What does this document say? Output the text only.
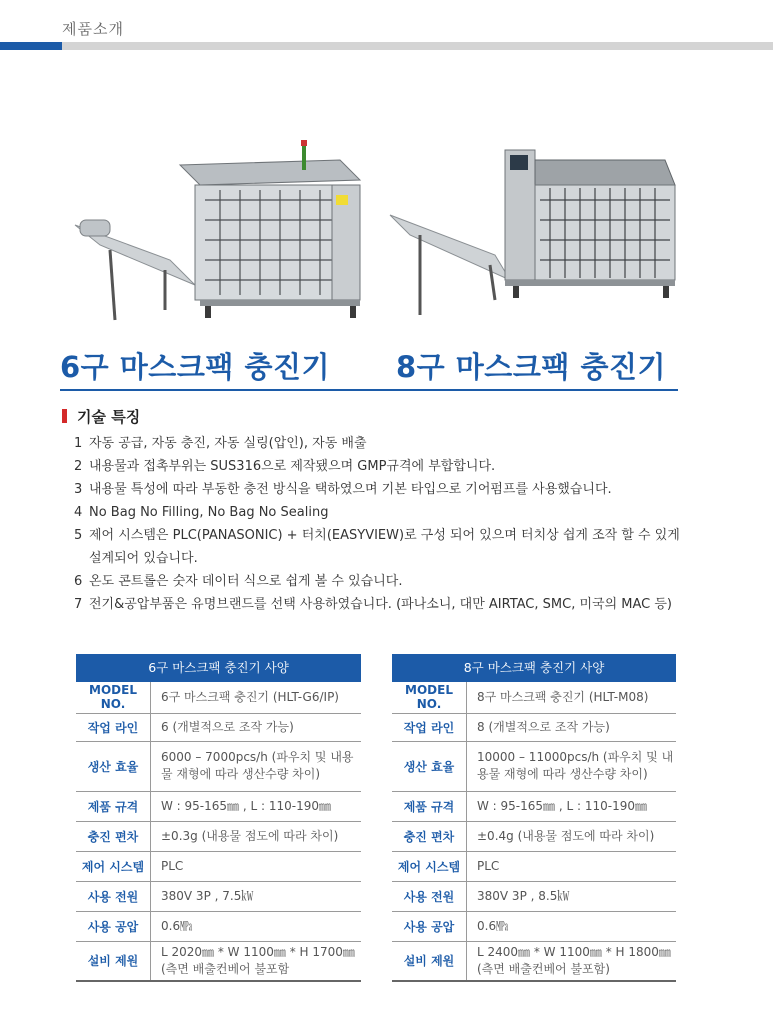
제품소개
6구 마스크팩 충진기 8구 마스크팩 충진기
기술 특징
1 자동 공급, 자동 충진, 자동 실링(압인), 자동 배출
2 내용물과 접촉부위는 SUS316으로 제작됐으며 GMP규격에 부합합니다.
3 내용물 특성에 따라 부동한 충전 방식을 택하였으며 기본 타입으로 기어펌프를 사용했습니다.
4 No Bag No Filling, No Bag No Sealing
5 제어 시스템은 PLC(PANASONIC) + 터치(EASYVIEW)로 구성 되어 있으며 터치상 쉽게 조작 할 수 있게 설계되어 있습니다.
6 온도 콘트롤은 숫자 데이터 식으로 쉽게 볼 수 있습니다.
7 전기&공압부품은 유명브랜드를 선택 사용하였습니다. (파나소니, 대만 AIRTAC, SMC, 미국의 MAC 등)
6구 마스크팩 충진기 사양	
MODEL NO.	6구 마스크팩 충진기 (HLT-G6/IP)
작업 라인	6 (개별적으로 조작 가능)
생산 효율	6000 – 7000pcs/h (파우치 및 내용물 재형에 따라 생산수량 차이)
제품 규격	W : 95-165㎜ , L : 110-190㎜
충진 편차	±0.3g (내용물 점도에 따라 차이)
제어 시스템	PLC
사용 전원	380V 3P , 7.5㎾
사용 공압	0.6㎫
설비 제원	L 2020㎜ * W 1100㎜ * H 1700㎜ (측면 배출컨베어 불포함
8구 마스크팩 충진기 사양	
MODEL NO.	8구 마스크팩 충진기 (HLT-M08)
작업 라인	8 (개별적으로 조작 가능)
생산 효율	10000 – 11000pcs/h (파우치 및 내용물 재형에 따라 생산수량 차이)
제품 규격	W : 95-165㎜ , L : 110-190㎜
충진 편차	±0.4g (내용물 점도에 따라 차이)
제어 시스템	PLC
사용 전원	380V 3P , 8.5㎾
사용 공압	0.6㎫
설비 제원	L 2400㎜ * W 1100㎜ * H 1800㎜ (측면 배출컨베어 불포함)
